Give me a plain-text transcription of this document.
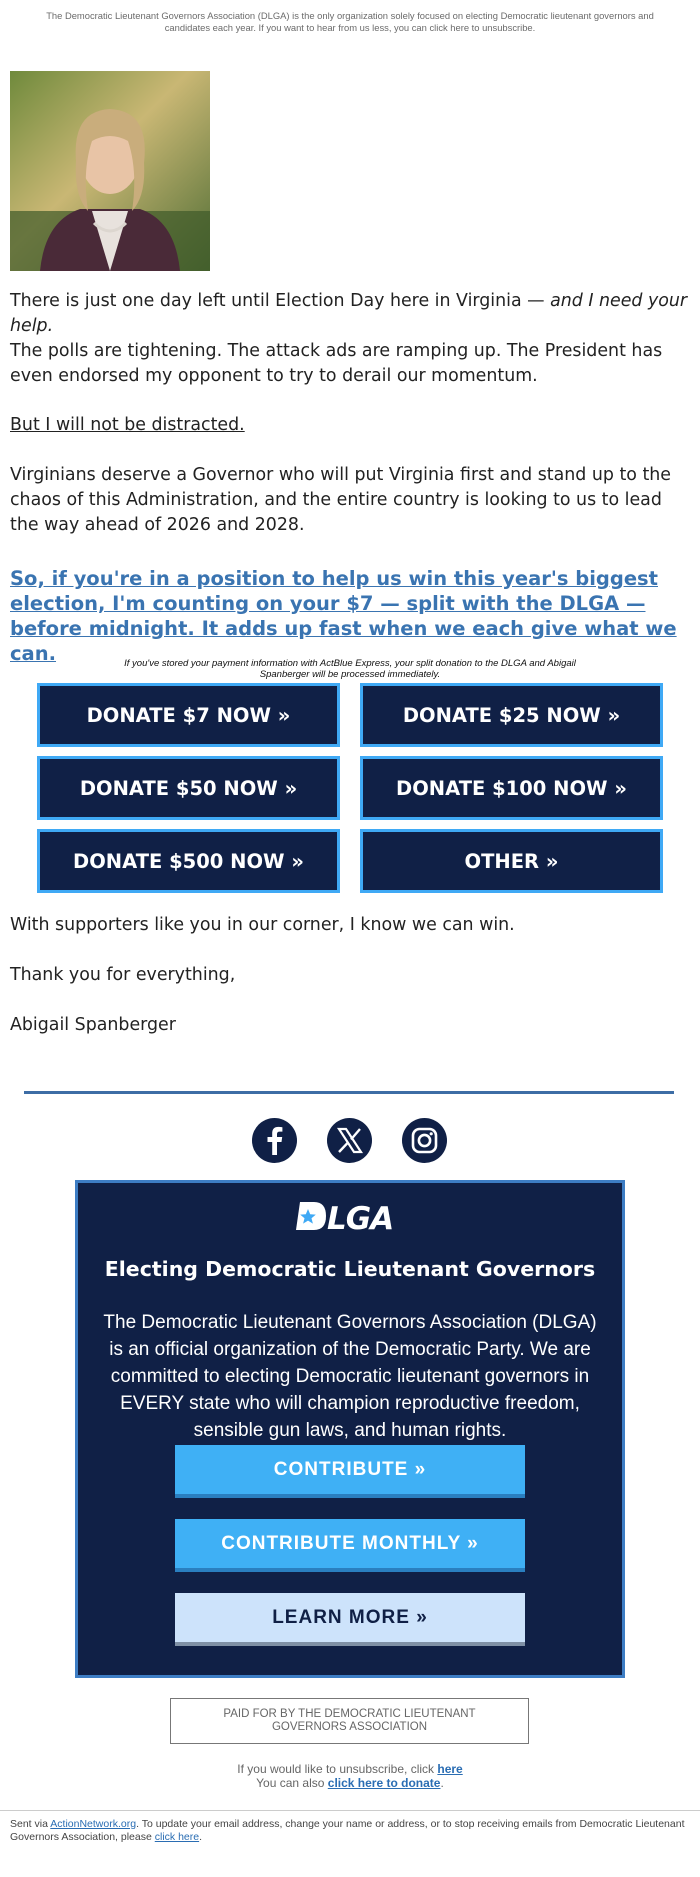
The Democratic Lieutenant Governors Association (DLGA) is the only organization solely focused on electing Democratic lieutenant governors and candidates each year. If you want to hear from us less, you can click here to unsubscribe.
There is just one day left until Election Day here in Virginia — and I need your help.
The polls are tightening. The attack ads are ramping up. The President has even endorsed my opponent to try to derail our momentum.
But I will not be distracted.
Virginians deserve a Governor who will put Virginia first and stand up to the chaos of this Administration, and the entire country is looking to us to lead the way ahead of 2026 and 2028.
So, if you're in a position to help us win this year's biggest election, I'm counting on your $7 — split with the DLGA — before midnight. It adds up fast when we each give what we can.	If you've stored your payment information with ActBlue Express, your split donation to the DLGA and Abigail Spanberger will be processed immediately.
DONATE $7 NOW »	DONATE $25 NOW »
DONATE $50 NOW »	DONATE $100 NOW »
DONATE $500 NOW »	OTHER »
With supporters like you in our corner, I know we can win.
Thank you for everything,
Abigail Spanberger
LGA
Electing Democratic Lieutenant Governors
The Democratic Lieutenant Governors Association (DLGA) is an official organization of the Democratic Party. We are committed to electing Democratic lieutenant governors in EVERY state who will champion reproductive freedom, sensible gun laws, and human rights.
CONTRIBUTE »
CONTRIBUTE MONTHLY »
LEARN MORE »
PAID FOR BY THE DEMOCRATIC LIEUTENANT GOVERNORS ASSOCIATION
If you would like to unsubscribe, click here
You can also click here to donate.
Sent via ActionNetwork.org. To update your email address, change your name or address, or to stop receiving emails from Democratic Lieutenant Governors Association, please click here.
